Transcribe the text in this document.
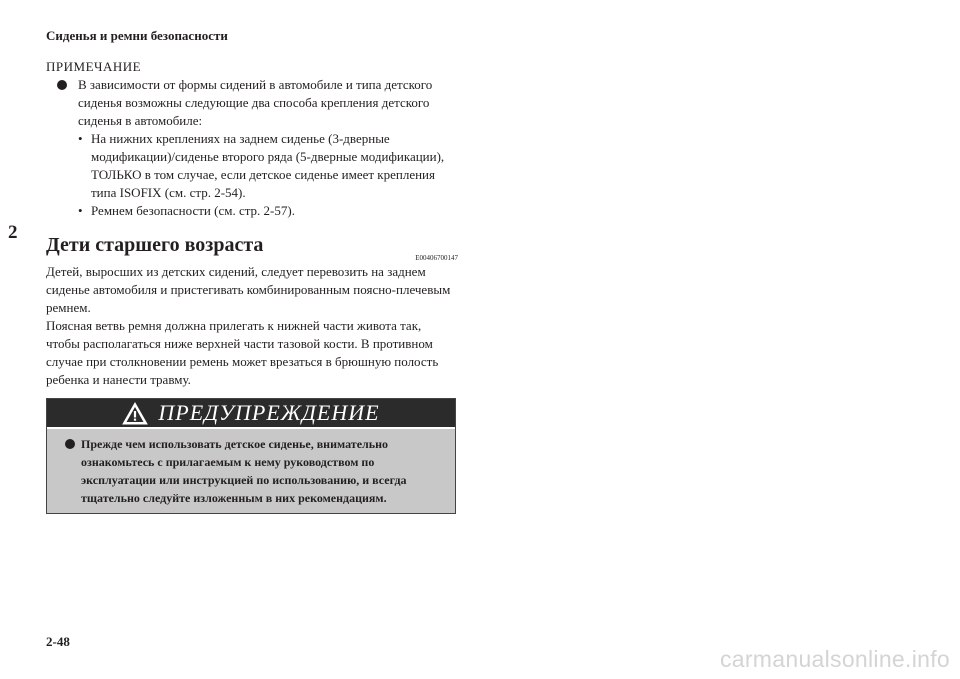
Сиденья и ремни безопасности
2
ПРИМЕЧАНИЕ
В зависимости от формы сидений в автомобиле и типа детского сиденья возможны следующие два способа крепления детского сиденья в автомобиле:
• На нижних креплениях на заднем сиденье (3-дверные модификации)/сиденье второго ряда (5-дверные модификации), ТОЛЬКО в том случае, если детское сиденье имеет крепления типа ISOFIX (см. стр. 2-54).
• Ремнем безопасности (см. стр. 2-57).
Дети старшего возраста
E00406700147

Детей, выросших из детских сидений, следует перевозить на заднем сиденье автомобиля и пристегивать комбинированным поясно-плечевым ремнем.

Поясная ветвь ремня должна прилегать к нижней части живота так, чтобы располагаться ниже верхней части тазовой кости. В противном случае при столкновении ремень может врезаться в брюшную полость ребенка и нанести травму.

ПРЕДУПРЕЖДЕНИЕ

Прежде чем использовать детское сиденье, внимательно ознакомьтесь с прилагаемым к нему руководством по эксплуатации или инструкцией по использованию, и всегда тщательно следуйте изложенным в них рекомендациям.

2-48
carmanualsonline.info
